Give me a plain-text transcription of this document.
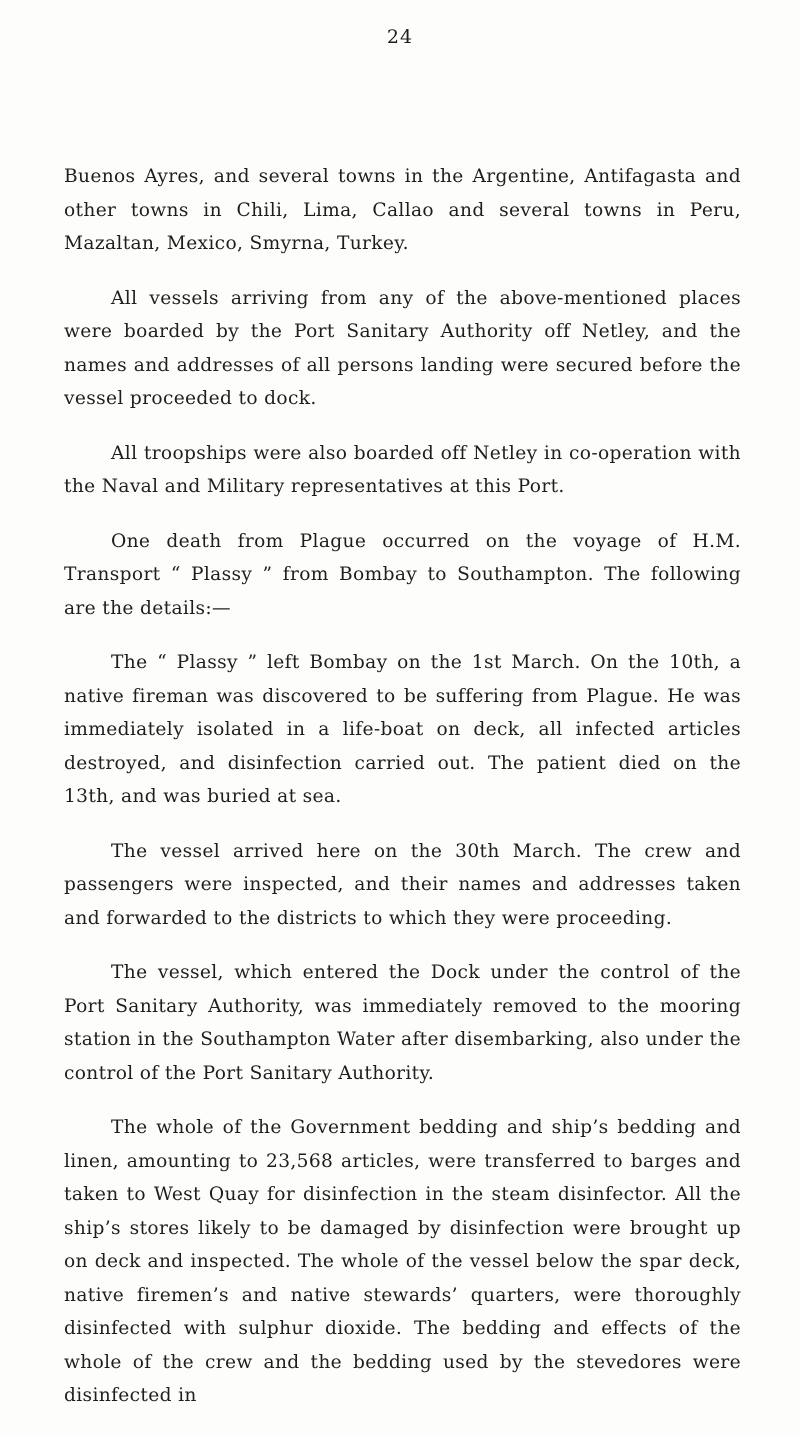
24

Buenos Ayres, and several towns in the Argentine, Antifagasta and other towns in Chili, Lima, Callao and several towns in Peru, Mazaltan, Mexico, Smyrna, Turkey.

All vessels arriving from any of the above-mentioned places were boarded by the Port Sanitary Authority off Netley, and the names and addresses of all persons landing were secured before the vessel proceeded to dock.

All troopships were also boarded off Netley in co-operation with the Naval and Military representatives at this Port.

One death from Plague occurred on the voyage of H.M. Transport “ Plassy ” from Bombay to Southampton. The following are the details:—

The “ Plassy ” left Bombay on the 1st March. On the 10th, a native fireman was discovered to be suffering from Plague. He was immediately isolated in a life-boat on deck, all infected articles destroyed, and disinfection carried out. The patient died on the 13th, and was buried at sea.

The vessel arrived here on the 30th March. The crew and passengers were inspected, and their names and addresses taken and forwarded to the districts to which they were proceeding.

The vessel, which entered the Dock under the control of the Port Sanitary Authority, was immediately removed to the mooring station in the Southampton Water after disembarking, also under the control of the Port Sanitary Authority.

The whole of the Government bedding and ship’s bedding and linen, amounting to 23,568 articles, were transferred to barges and taken to West Quay for disinfection in the steam disinfector. All the ship’s stores likely to be damaged by disinfection were brought up on deck and inspected. The whole of the vessel below the spar deck, native firemen’s and native stewards’ quarters, were thoroughly disinfected with sulphur dioxide. The bedding and effects of the whole of the crew and the bedding used by the stevedores were disinfected in
